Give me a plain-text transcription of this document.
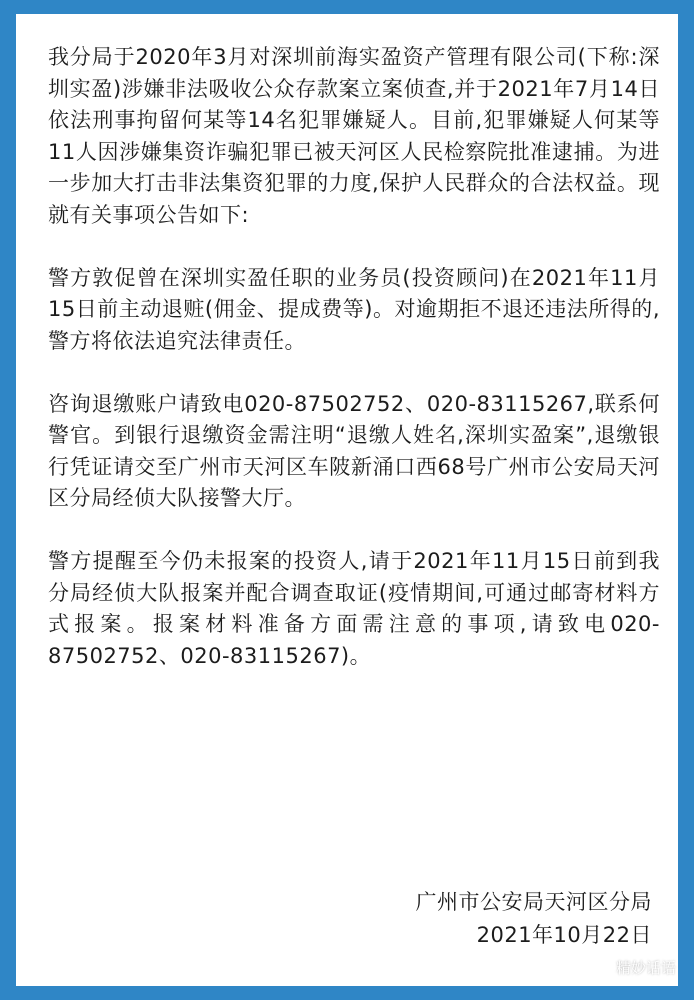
我分局于2020年3月对深圳前海实盈资产管理有限公司(下称:深圳实盈)涉嫌非法吸收公众存款案立案侦查,并于2021年7月14日依法刑事拘留何某等14名犯罪嫌疑人。目前,犯罪嫌疑人何某等11人因涉嫌集资诈骗犯罪已被天河区人民检察院批准逮捕。为进一步加大打击非法集资犯罪的力度,保护人民群众的合法权益。现就有关事项公告如下:

警方敦促曾在深圳实盈任职的业务员(投资顾问)在2021年11月15日前主动退赃(佣金、提成费等)。对逾期拒不退还违法所得的,警方将依法追究法律责任。

咨询退缴账户请致电020-87502752、020-83115267,联系何警官。到银行退缴资金需注明“退缴人姓名,深圳实盈案”,退缴银行凭证请交至广州市天河区车陂新涌口西68号广州市公安局天河区分局经侦大队接警大厅。

警方提醒至今仍未报案的投资人,请于2021年11月15日前到我分局经侦大队报案并配合调查取证(疫情期间,可通过邮寄材料方式报案。报案材料准备方面需注意的事项,请致电020-87502752、020-83115267)。

广州市公安局天河区分局
2021年10月22日
精妙话语
